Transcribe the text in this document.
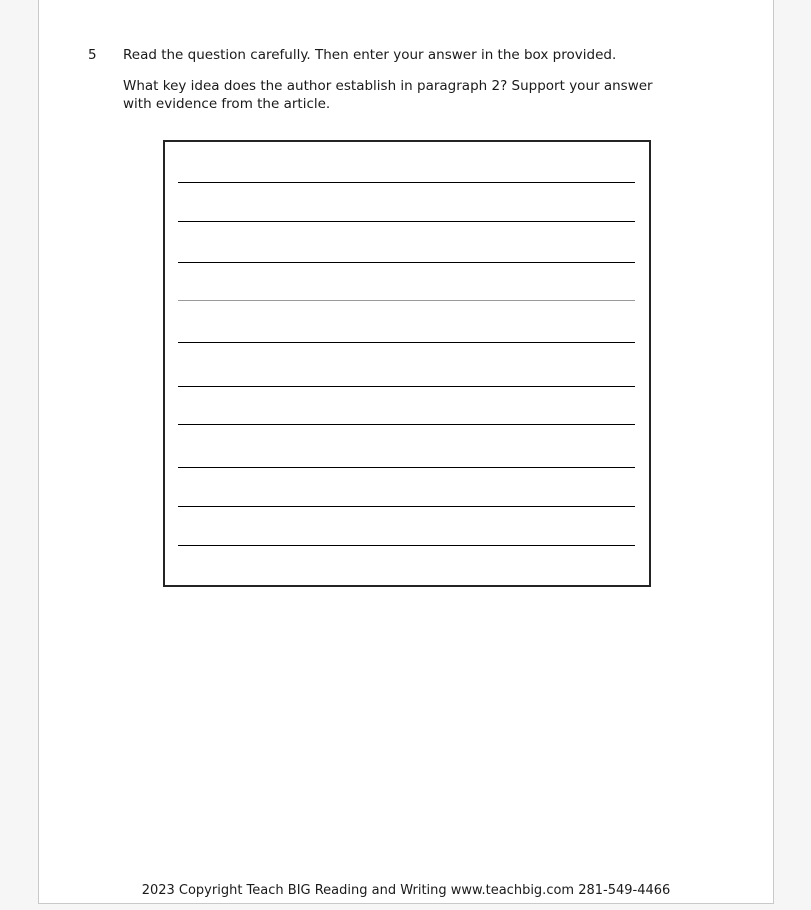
5 Read the question carefully. Then enter your answer in the box provided.
What key idea does the author establish in paragraph 2? Support your answer
with evidence from the article.
2023 Copyright Teach BIG Reading and Writing www.teachbig.com 281-549-4466
